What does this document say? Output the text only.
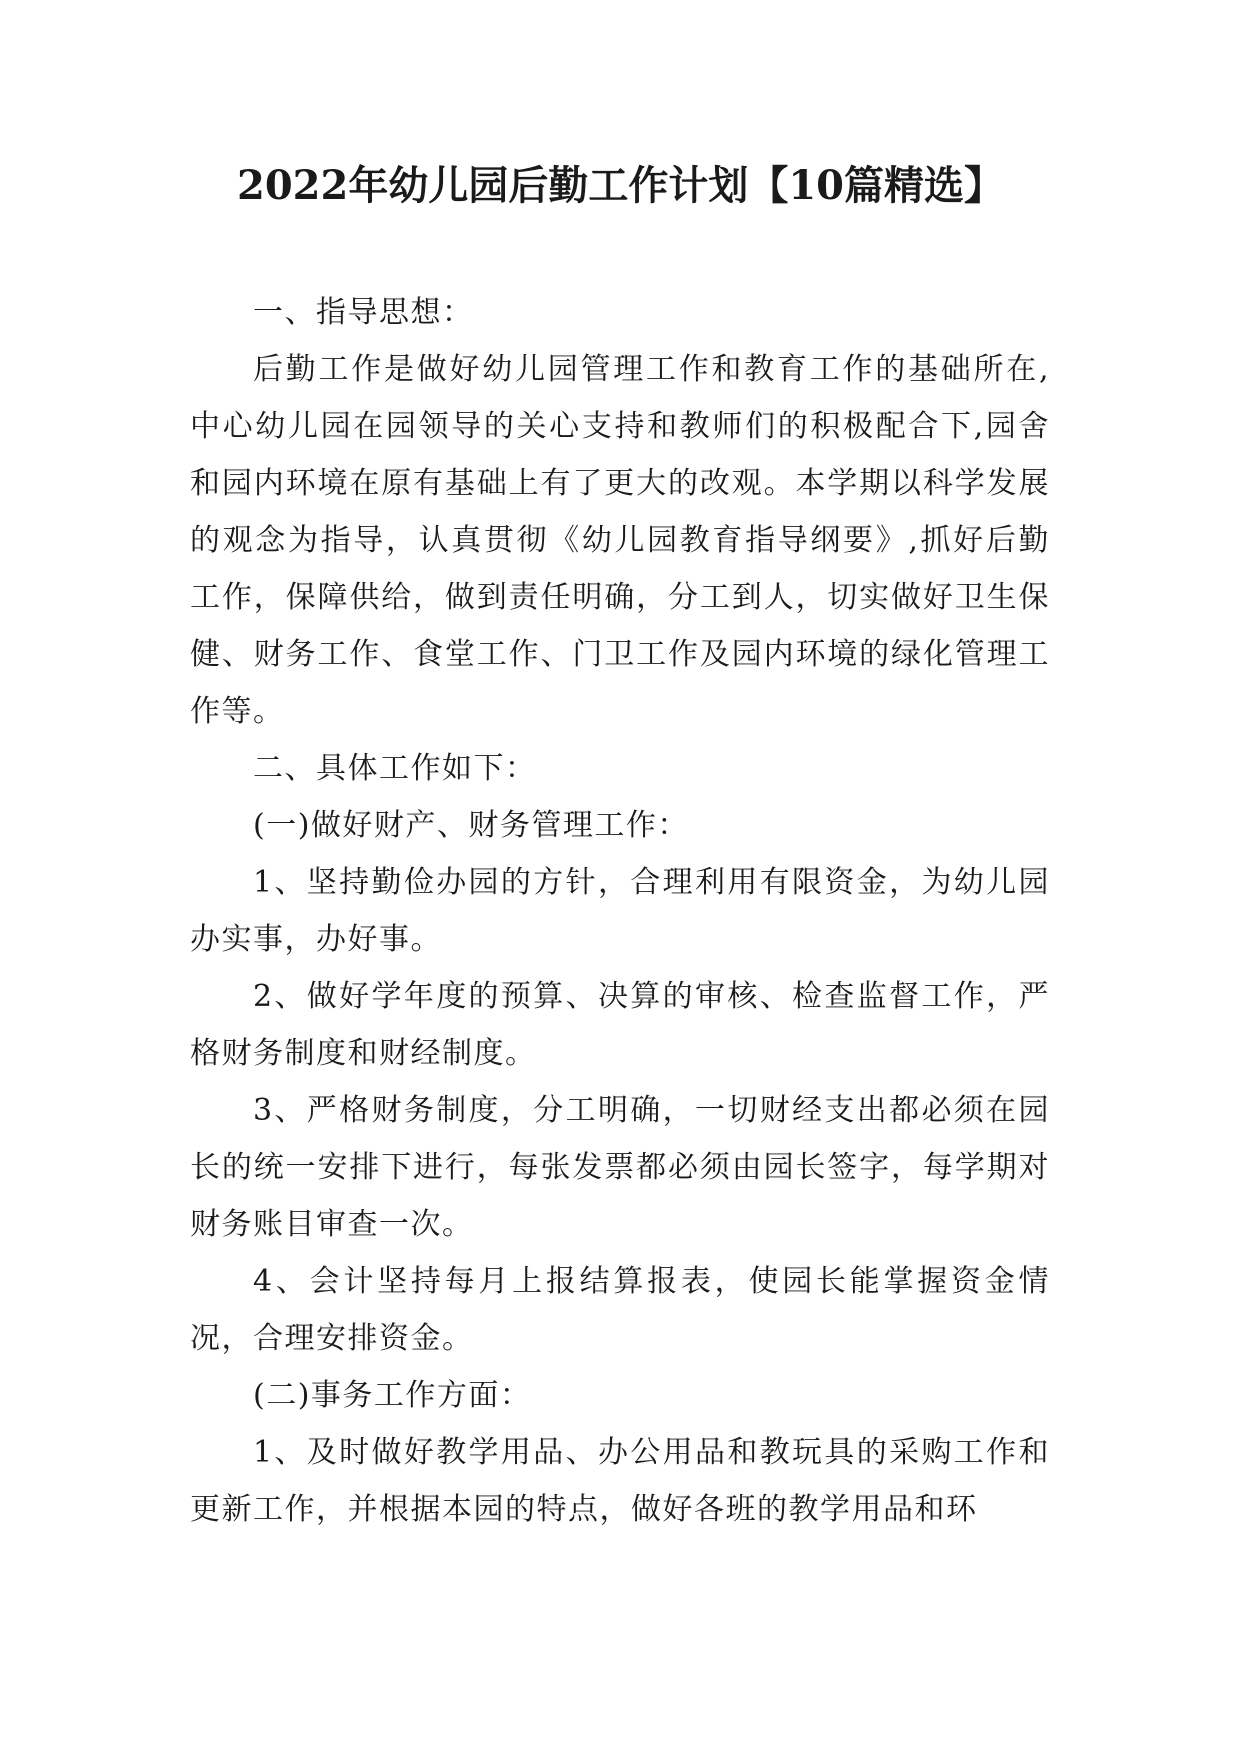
2022年幼儿园后勤工作计划【10篇精选】

一、指导思想：

后勤工作是做好幼儿园管理工作和教育工作的基础所在,中心幼儿园在园领导的关心支持和教师们的积极配合下,园舍和园内环境在原有基础上有了更大的改观。本学期以科学发展的观念为指导，认真贯彻《幼儿园教育指导纲要》,抓好后勤工作，保障供给，做到责任明确，分工到人，切实做好卫生保健、财务工作、食堂工作、门卫工作及园内环境的绿化管理工作等。

二、具体工作如下：

(一)做好财产、财务管理工作：

1、坚持勤俭办园的方针，合理利用有限资金，为幼儿园办实事，办好事。

2、做好学年度的预算、决算的审核、检查监督工作，严格财务制度和财经制度。

3、严格财务制度，分工明确，一切财经支出都必须在园长的统一安排下进行，每张发票都必须由园长签字，每学期对财务账目审查一次。

4、会计坚持每月上报结算报表，使园长能掌握资金情况，合理安排资金。

(二)事务工作方面：

1、及时做好教学用品、办公用品和教玩具的采购工作和更新工作，并根据本园的特点，做好各班的教学用品和环
